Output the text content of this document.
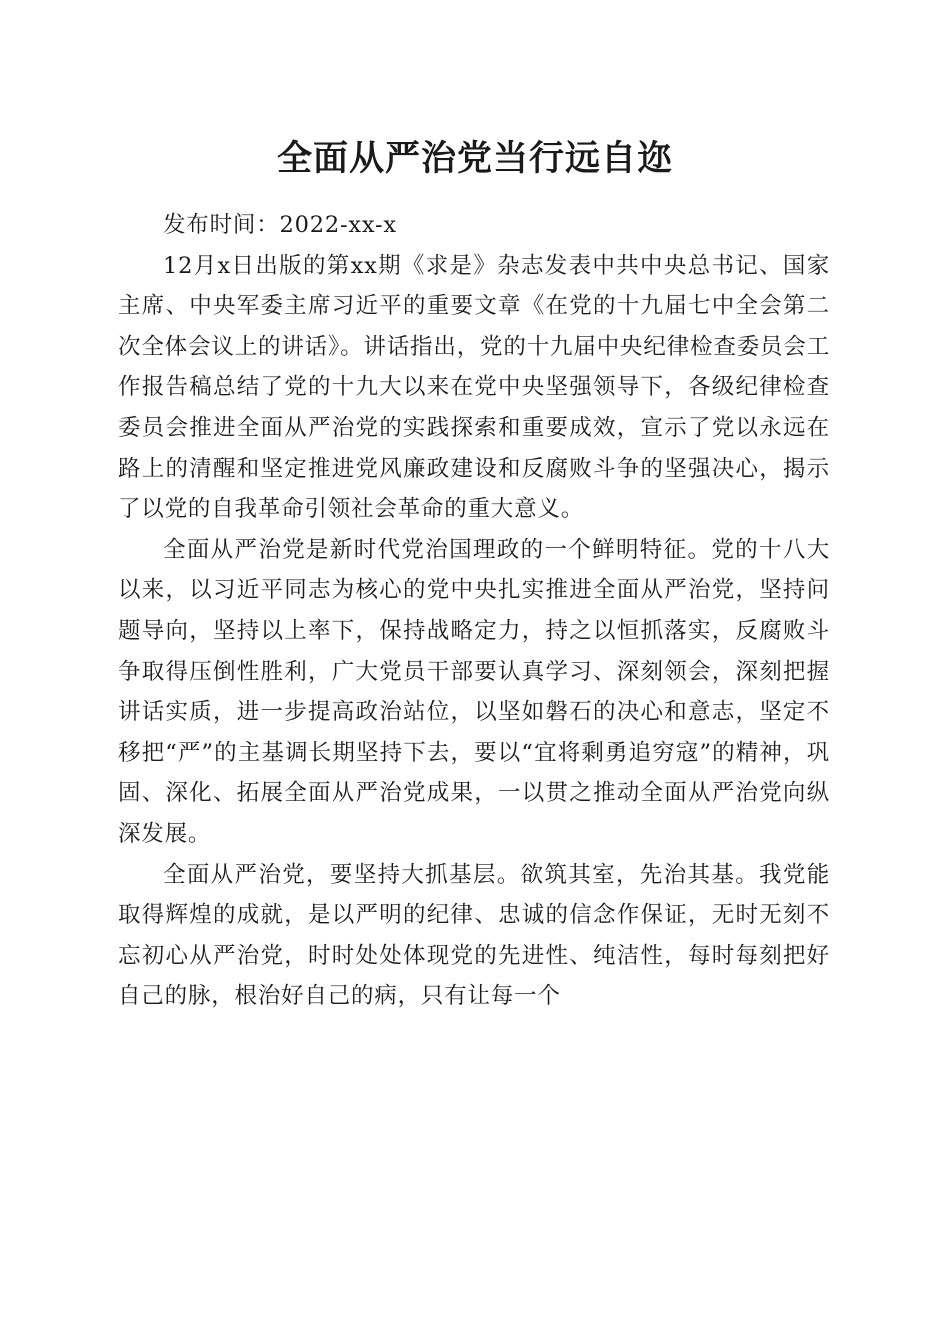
全面从严治党当行远自迩

发布时间：2022-xx-x

12月x日出版的第xx期《求是》杂志发表中共中央总书记、国家主席、中央军委主席习近平的重要文章《在党的十九届七中全会第二次全体会议上的讲话》。讲话指出，党的十九届中央纪律检查委员会工作报告稿总结了党的十九大以来在党中央坚强领导下，各级纪律检查委员会推进全面从严治党的实践探索和重要成效，宣示了党以永远在路上的清醒和坚定推进党风廉政建设和反腐败斗争的坚强决心，揭示了以党的自我革命引领社会革命的重大意义。

全面从严治党是新时代党治国理政的一个鲜明特征。党的十八大以来，以习近平同志为核心的党中央扎实推进全面从严治党，坚持问题导向，坚持以上率下，保持战略定力，持之以恒抓落实，反腐败斗争取得压倒性胜利，广大党员干部要认真学习、深刻领会，深刻把握讲话实质，进一步提高政治站位，以坚如磐石的决心和意志，坚定不移把“严”的主基调长期坚持下去，要以“宜将剩勇追穷寇”的精神，巩固、深化、拓展全面从严治党成果，一以贯之推动全面从严治党向纵深发展。

全面从严治党，要坚持大抓基层。欲筑其室，先治其基。我党能取得辉煌的成就，是以严明的纪律、忠诚的信念作保证，无时无刻不忘初心从严治党，时时处处体现党的先进性、纯洁性，每时每刻把好自己的脉，根治好自己的病，只有让每一个
